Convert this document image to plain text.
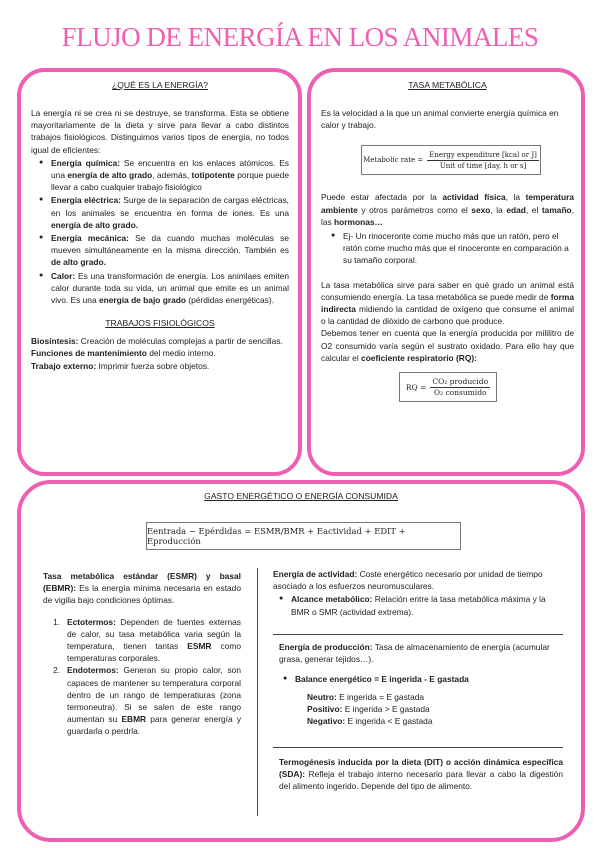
FLUJO DE ENERGÍA EN LOS ANIMALES
¿QUÉ ES LA ENERGÍA?
La energía ni se crea ni se destruye, se transforma. Esta se obtiene mayoritariamente de la dieta y sirve para llevar a cabo distintos trabajos fisiológicos. Distinguimos varios tipos de energía, no todos igual de eficientes:
● Energía química: Se encuentra en los enlaces atómicos. Es una energía de alto grado, además, totipotente porque puede llevar a cabo cualquier trabajo fisiológico
● Energía eléctrica: Surge de la separación de cargas eléctricas, en los animales se encuentra en forma de iones. Es una energía de alto grado.
● Energía mecánica: Se da cuando muchas moléculas se mueven simultáneamente en la misma dirección. También es de alto grado.
● Calor: Es una transformación de energía. Los animlaes emiten calor durante toda su vida, un animal que emite es un animal vivo. Es una energía de bajo grado (pérdidas energéticas).
TRABAJOS FISIOLÓGICOS
Biosíntesis: Creación de moléculas complejas a partir de sencillas.
Funciones de mantenimiento del medio interno.
Trabajo externo: Imprimir fuerza sobre objetos.
TASA METABÓLICA
Es la velocidad a la que un animal convierte energía química en calor y trabajo.
Metabolic rate = $\frac{\text{Energy expenditure [kcal or J]}}{\text{Unit of time [day, h or s]}}$
Puede estar afectada por la actividad física, la temperatura ambiente y otros parámetros como el sexo, la edad, el tamaño, las hormonas…
● Ej- Un rinoceronte come mucho más que un ratón, pero el ratón come mucho más que el rinoceronte en comparación a su tamaño corporal.
La tasa metabólica sirve para saber en qué grado un animal está consumiendo energía. La tasa metabólica se puede medir de forma indirecta midiendo la cantidad de oxígeno que consume el animal o la cantidad de dióxido de carbono que produce.
Debemos tener en cuenta que la energía producida por mililitro de O2 consumido varía según el sustrato oxidado. Para ello hay que calcular el coeficiente respiratorio (RQ):
RQ = $\frac{\text{CO₂ producido}}{\text{O₂ consumido}}$
GASTO ENERGÉTICO O ENERGÍA CONSUMIDA
Eentrada − Epérdidas = ESMR/BMR + Eactividad + EDIT + Eproducción
Tasa metabólica estándar (ESMR) y basal (EBMR): Es la energía mínima necesaria en estado de vigilia bajo condiciones óptimas.
1. Ectotermos: Dependen de fuentes externas de calor, su tasa metabólica varia según la temperatura, tienen tantas ESMR como temperaturas corporales.
2. Endotermos: Generan su propio calor, son capaces de mantener su temperatura corporal dentro de un rango de temperatiuras (zona termoneutra). Si se salen de este rango aumentan su EBMR para generar energía y guardarla o perdrla.
Energía de actividad: Coste energético necesario por unidad de tiempo asociado a los esfuerzos neuromusculares.
● Alcance metabólico: Relación entre la tasa metabólica máxima y la BMR o SMR (actividad extrema).
Energía de producción: Tasa de almacenamiento de energía (acumular grasa, generar tejidos…).
● Balance energético = E ingerida - E gastada
Neutro: E ingerida = E gastada
Positivo: E ingerida > E gastada
Negativo: E ingerida < E gastada
Termogénesis inducida por la dieta (DIT) o acción dinámica específica (SDA): Refleja el trabajo interno necesario para llevar a cabo la digestión del alimento ingerido. Depende del tipo de alimento.
